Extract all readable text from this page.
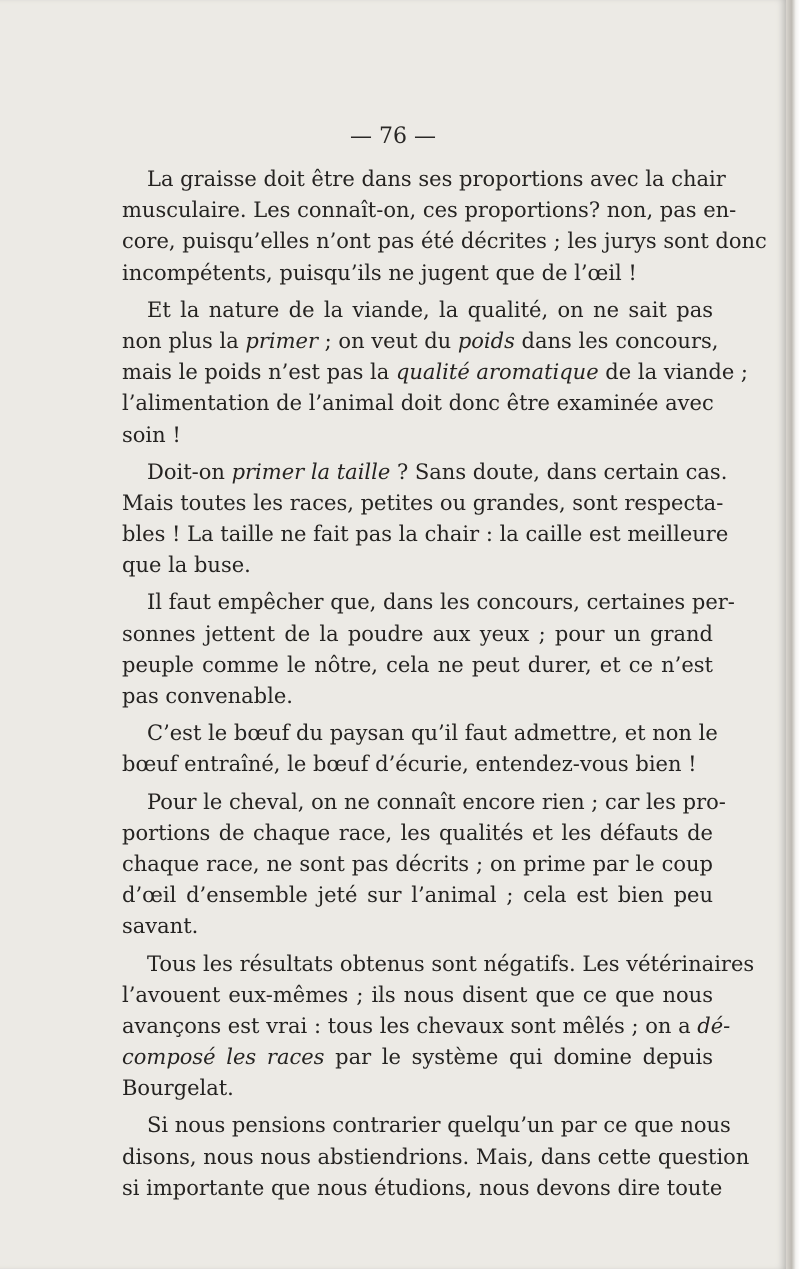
— 76 —
La graisse doit être dans ses proportions avec la chair
musculaire. Les connaît-on, ces proportions? non, pas en-
core, puisqu’elles n’ont pas été décrites ; les jurys sont donc
incompétents, puisqu’ils ne jugent que de l’œil !
Et la nature de la viande, la qualité, on ne sait pas
non plus la primer ; on veut du poids dans les concours,
mais le poids n’est pas la qualité aromatique de la viande ;
l’alimentation de l’animal doit donc être examinée avec
soin !
Doit-on primer la taille ? Sans doute, dans certain cas.
Mais toutes les races, petites ou grandes, sont respecta-
bles ! La taille ne fait pas la chair : la caille est meilleure
que la buse.
Il faut empêcher que, dans les concours, certaines per-
sonnes jettent de la poudre aux yeux ; pour un grand
peuple comme le nôtre, cela ne peut durer, et ce n’est
pas convenable.
C’est le bœuf du paysan qu’il faut admettre, et non le
bœuf entraîné, le bœuf d’écurie, entendez-vous bien !
Pour le cheval, on ne connaît encore rien ; car les pro-
portions de chaque race, les qualités et les défauts de
chaque race, ne sont pas décrits ; on prime par le coup
d’œil d’ensemble jeté sur l’animal ; cela est bien peu
savant.
Tous les résultats obtenus sont négatifs. Les vétérinaires
l’avouent eux-mêmes ; ils nous disent que ce que nous
avançons est vrai : tous les chevaux sont mêlés ; on a dé-
composé les races par le système qui domine depuis
Bourgelat.
Si nous pensions contrarier quelqu’un par ce que nous
disons, nous nous abstiendrions. Mais, dans cette question
si importante que nous étudions, nous devons dire toute
